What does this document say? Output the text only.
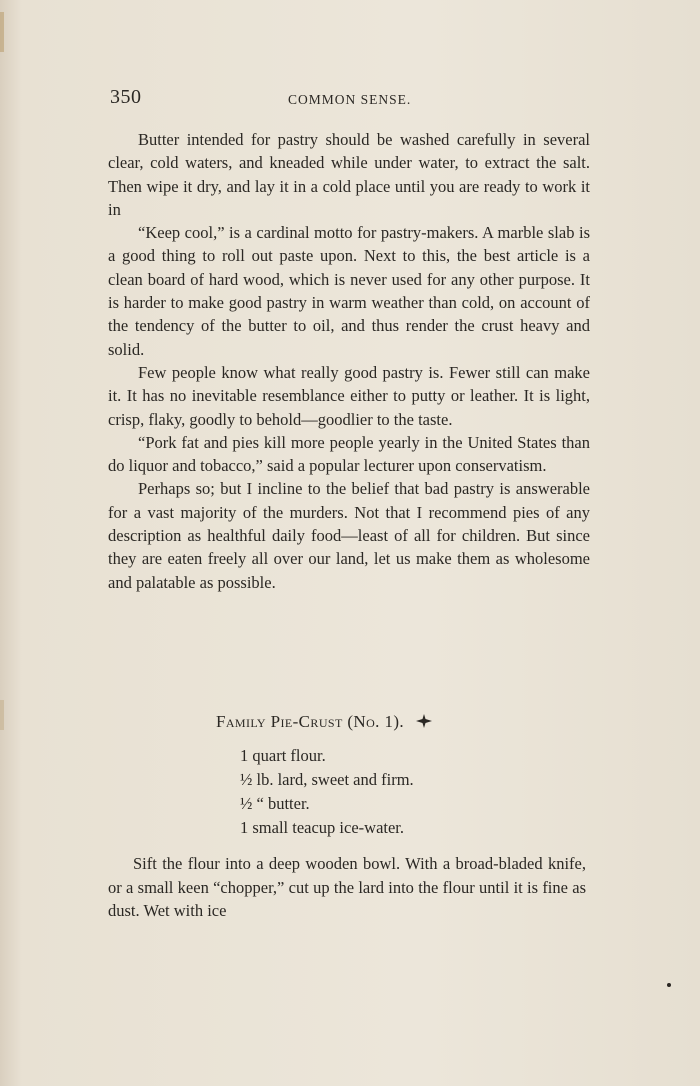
350	COMMON SENSE.

Butter intended for pastry should be washed carefully in several clear, cold waters, and kneaded while under water, to extract the salt. Then wipe it dry, and lay it in a cold place until you are ready to work it in

“Keep cool,” is a cardinal motto for pastry-makers. A marble slab is a good thing to roll out paste upon. Next to this, the best article is a clean board of hard wood, which is never used for any other purpose. It is harder to make good pastry in warm weather than cold, on account of the tendency of the butter to oil, and thus render the crust heavy and solid.

Few people know what really good pastry is. Fewer still can make it. It has no inevitable resemblance either to putty or leather. It is light, crisp, flaky, goodly to behold—goodlier to the taste.

“Pork fat and pies kill more people yearly in the United States than do liquor and tobacco,” said a popular lecturer upon conservatism.

Perhaps so; but I incline to the belief that bad pastry is answerable for a vast majority of the murders. Not that I recommend pies of any description as healthful daily food—least of all for children. But since they are eaten freely all over our land, let us make them as wholesome and palatable as possible.

Family Pie-Crust (No. 1).
1 quart flour.
½ lb. lard, sweet and firm.
½ “ butter.
1 small teacup ice-water.

Sift the flour into a deep wooden bowl. With a broad-bladed knife, or a small keen “chopper,” cut up the lard into the flour until it is fine as dust. Wet with ice
